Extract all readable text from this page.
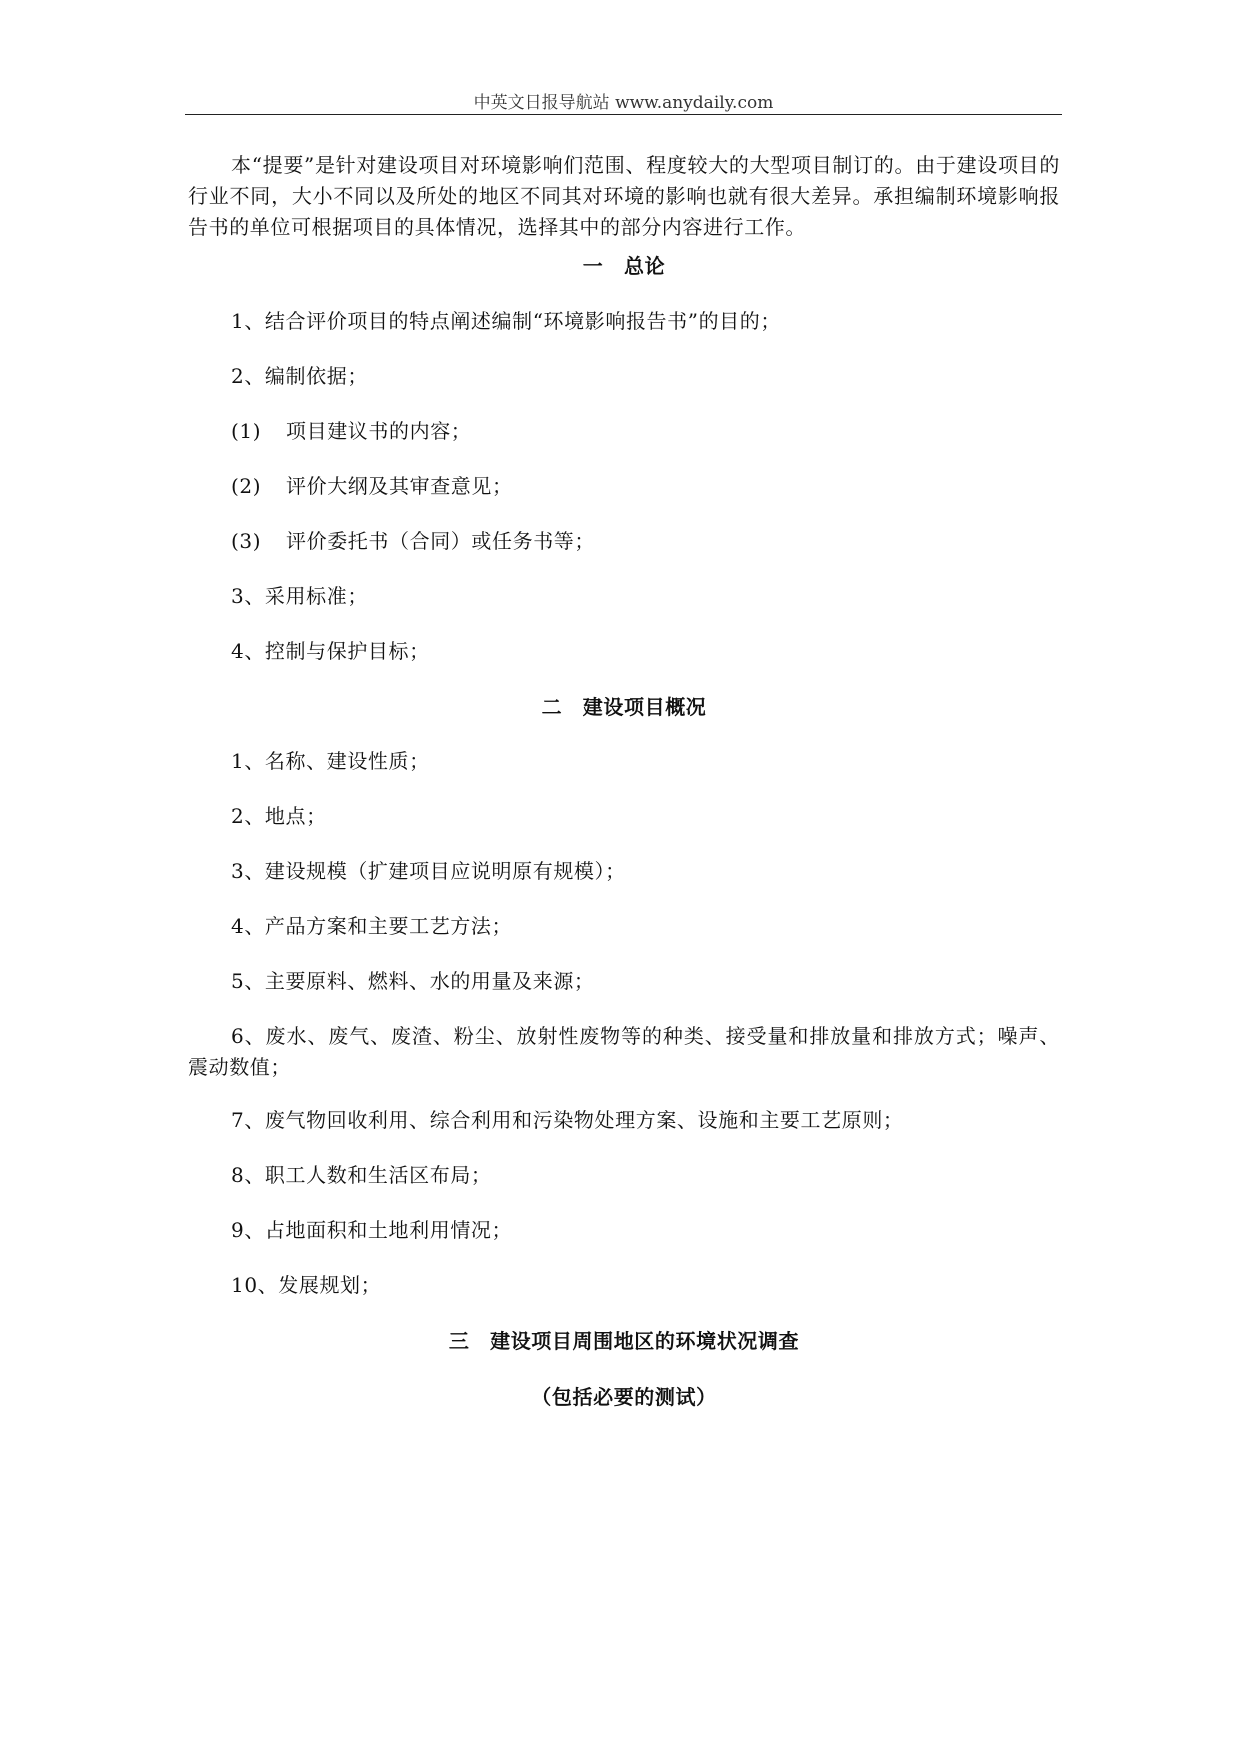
中英文日报导航站 www.anydaily.com
本“提要”是针对建设项目对环境影响们范围、程度较大的大型项目制订的。由于建设项目的行业不同，大小不同以及所处的地区不同其对环境的影响也就有很大差异。承担编制环境影响报告书的单位可根据项目的具体情况，选择其中的部分内容进行工作。
一　总论
1、结合评价项目的特点阐述编制“环境影响报告书”的目的；
2、编制依据；
(1) 项目建议书的内容；
(2) 评价大纲及其审查意见；
(3) 评价委托书（合同）或任务书等；
3、采用标准；
4、控制与保护目标；
二　建设项目概况
1、名称、建设性质；
2、地点；
3、建设规模（扩建项目应说明原有规模）；
4、产品方案和主要工艺方法；
5、主要原料、燃料、水的用量及来源；
6、废水、废气、废渣、粉尘、放射性废物等的种类、接受量和排放量和排放方式；噪声、震动数值；
7、废气物回收利用、综合利用和污染物处理方案、设施和主要工艺原则；
8、职工人数和生活区布局；
9、占地面积和土地利用情况；
10、发展规划；
三　建设项目周围地区的环境状况调查
（包括必要的测试）
